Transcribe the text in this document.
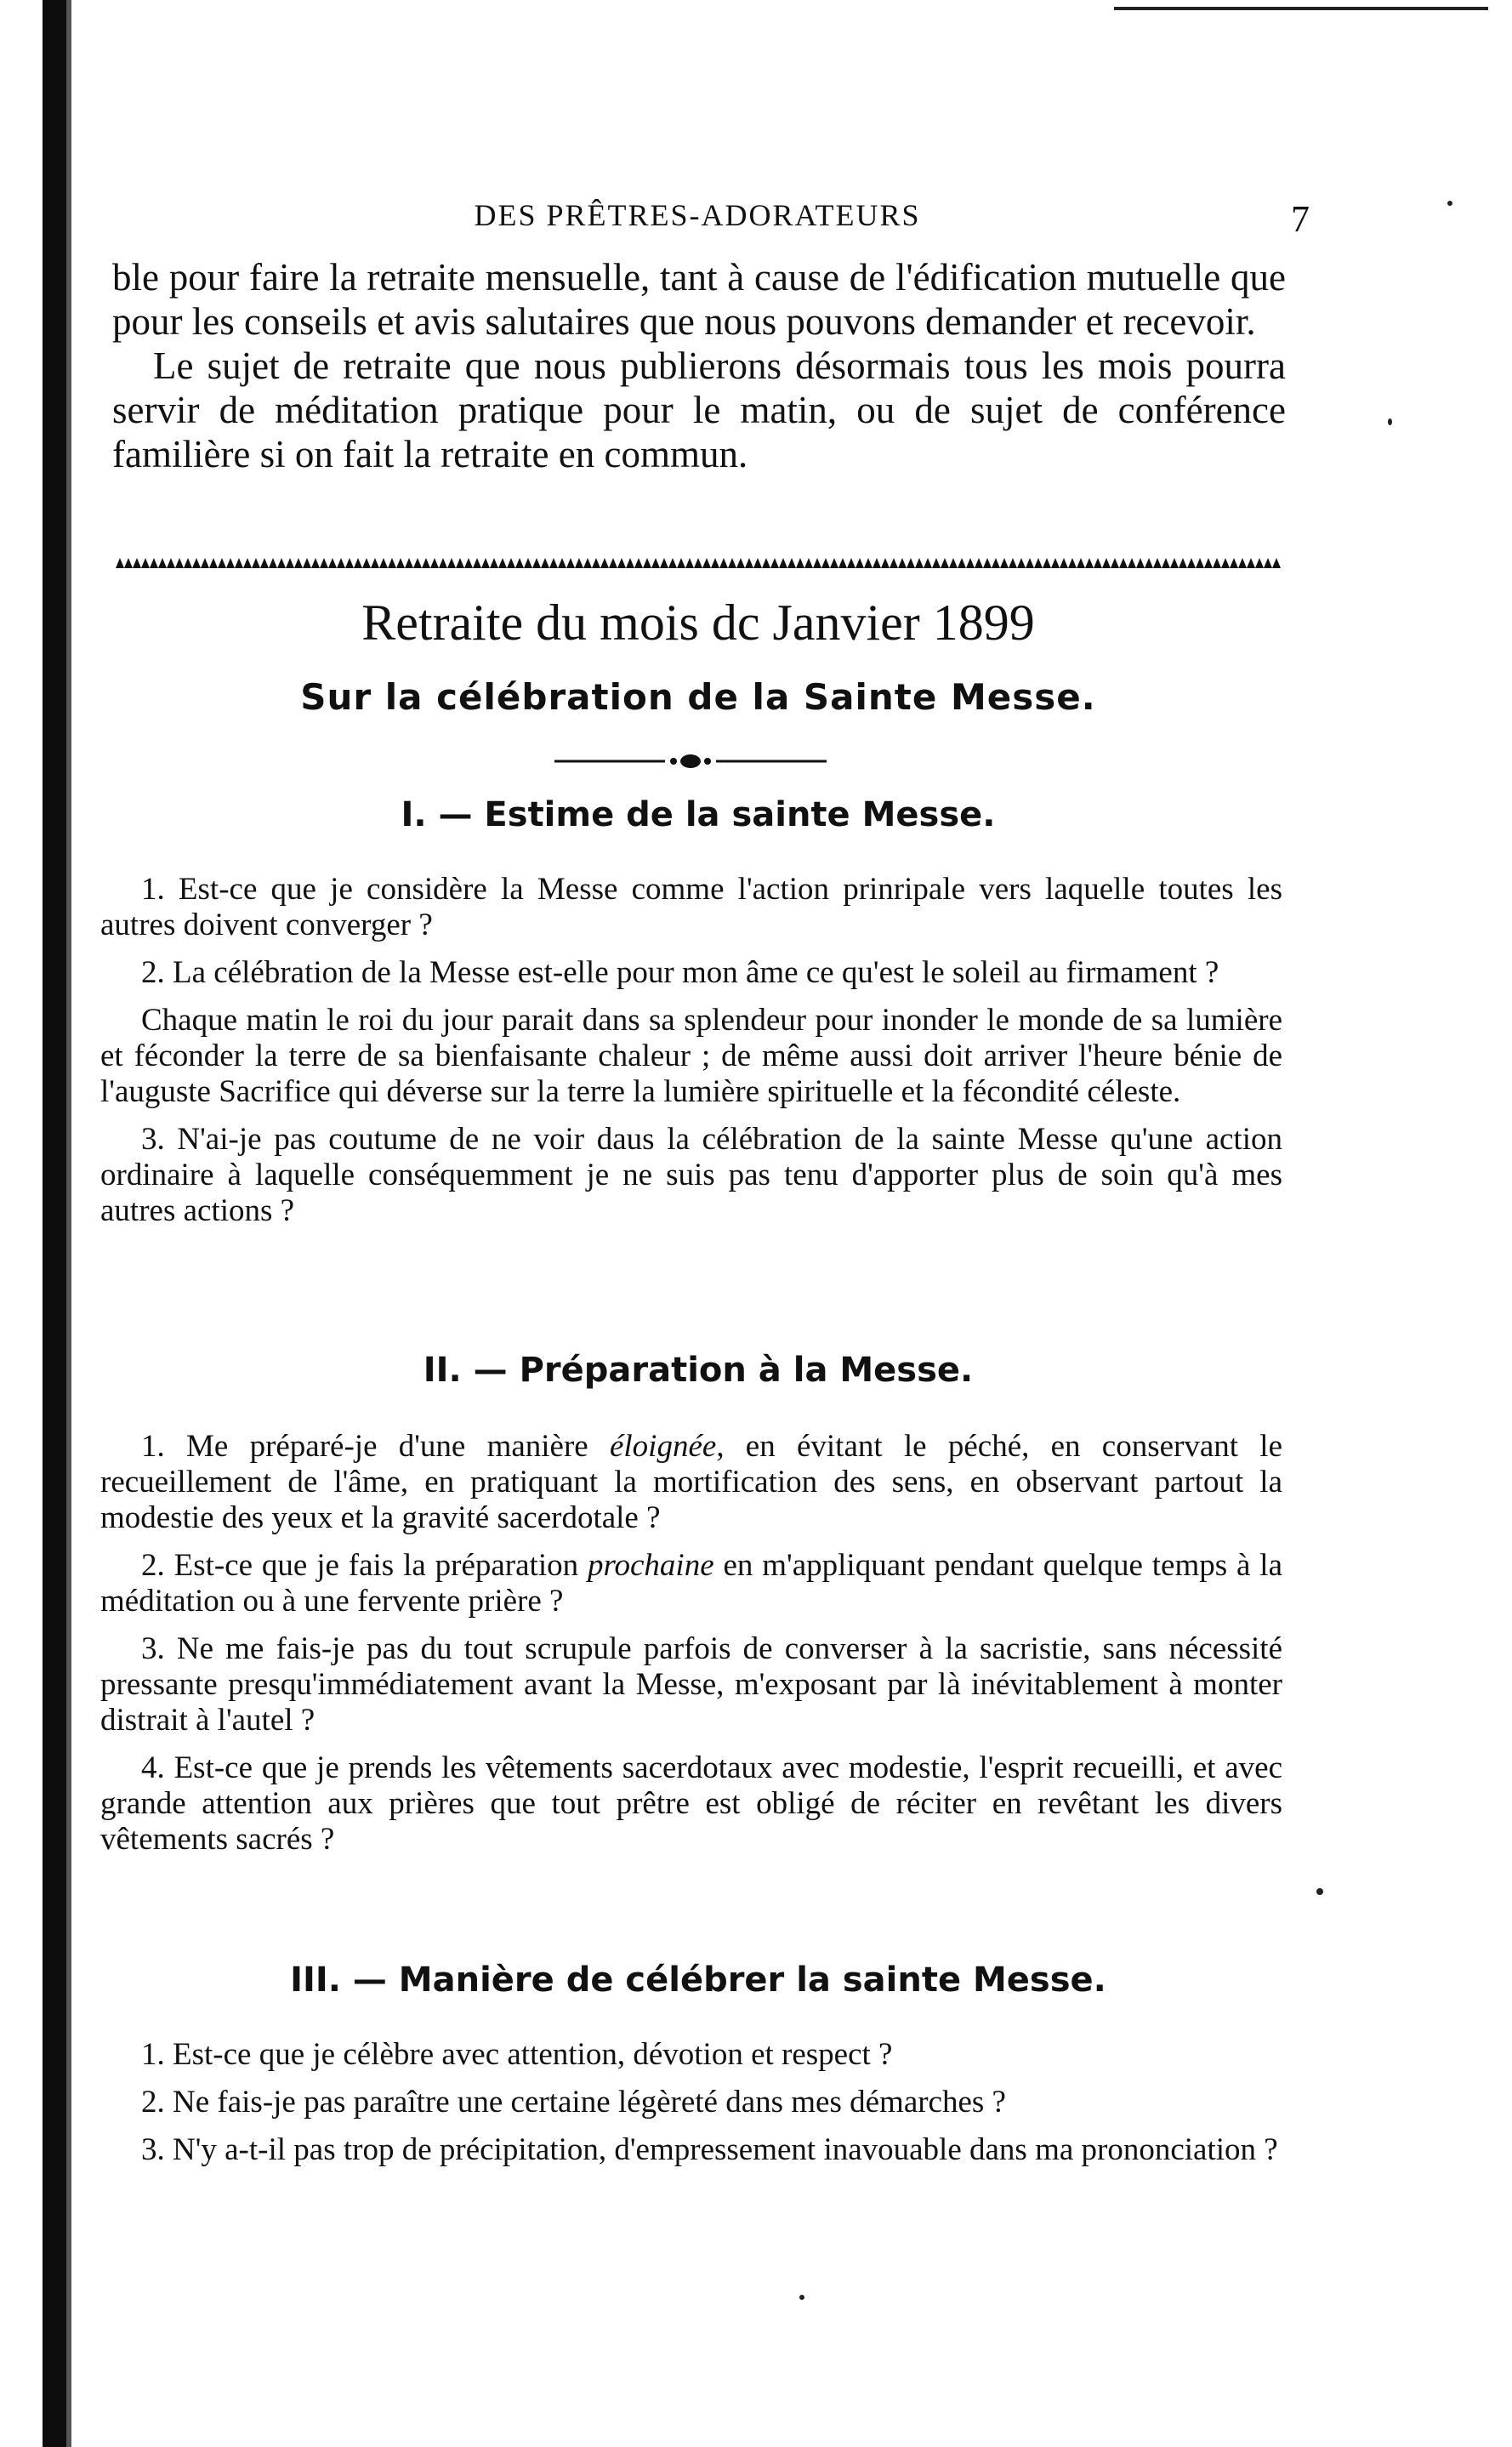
DES PRÊTRES-ADORATEURS	7

ble pour faire la retraite mensuelle, tant à cause de l'édification mutuelle que pour les conseils et avis salutaires que nous pouvons demander et recevoir.

Le sujet de retraite que nous publierons désormais tous les mois pourra servir de méditation pratique pour le matin, ou de sujet de conférence familière si on fait la retraite en commun.

Retraite du mois dc Janvier 1899
Sur la célébration de la Sainte Messe.
I. — Estime de la sainte Messe.

1. Est-ce que je considère la Messe comme l'action prinripale vers laquelle toutes les autres doivent converger ?

2. La célébration de la Messe est-elle pour mon âme ce qu'est le soleil au firmament ?

Chaque matin le roi du jour parait dans sa splendeur pour inonder le monde de sa lumière et féconder la terre de sa bienfaisante chaleur ; de même aussi doit arriver l'heure bénie de l'auguste Sacrifice qui déverse sur la terre la lumière spirituelle et la fécondité céleste.

3. N'ai-je pas coutume de ne voir daus la célébration de la sainte Messe qu'une action ordinaire à laquelle conséquemment je ne suis pas tenu d'apporter plus de soin qu'à mes autres actions ?

II. — Préparation à la Messe.

1. Me préparé-je d'une manière éloignée, en évitant le péché, en conservant le recueillement de l'âme, en pratiquant la mortification des sens, en observant partout la modestie des yeux et la gravité sacerdotale ?

2. Est-ce que je fais la préparation prochaine en m'appliquant pendant quelque temps à la méditation ou à une fervente prière ?

3. Ne me fais-je pas du tout scrupule parfois de converser à la sacristie, sans nécessité pressante presqu'immédiatement avant la Messe, m'exposant par là inévitablement à monter distrait à l'autel ?

4. Est-ce que je prends les vêtements sacerdotaux avec modestie, l'esprit recueilli, et avec grande attention aux prières que tout prêtre est obligé de réciter en revêtant les divers vêtements sacrés ?

III. — Manière de célébrer la sainte Messe.

1. Est-ce que je célèbre avec attention, dévotion et respect ?

2. Ne fais-je pas paraître une certaine légèreté dans mes démarches ?

3. N'y a-t-il pas trop de précipitation, d'empressement inavouable dans ma prononciation ?
